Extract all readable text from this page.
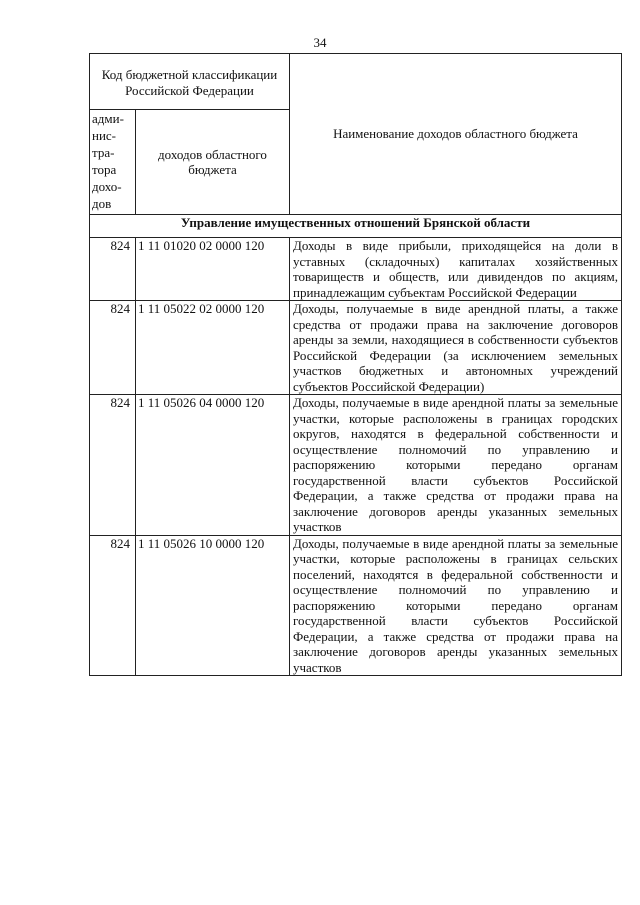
34
Код бюджетной классификации Российской Федерации		Наименование доходов областного бюджета
адми-ниc-тра-тора дохо-дов	доходов областного бюджета	
Управление имущественных отношений Брянской области		
824	1 11 01020 02 0000 120	Доходы в виде прибыли, приходящейся на доли в уставных (складочных) капиталах хозяйственных товариществ и обществ, или дивидендов по акциям, принадлежащим субъектам Российской Федерации
824	1 11 05022 02 0000 120	Доходы, получаемые в виде арендной платы, а также средства от продажи права на заключение договоров аренды за земли, находящиеся в собственности субъектов Российской Федерации (за исключением земельных участков бюджетных и автономных учреждений субъектов Российской Федерации)
824	1 11 05026 04 0000 120	Доходы, получаемые в виде арендной платы за земельные участки, которые расположены в границах городских округов, находятся в федеральной собственности и осуществление полномочий по управлению и распоряжению которыми передано органам государственной власти субъектов Российской Федерации, а также средства от продажи права на заключение договоров аренды указанных земельных участков
824	1 11 05026 10 0000 120	Доходы, получаемые в виде арендной платы за земельные участки, которые расположены в границах сельских поселений, находятся в федеральной собственности и осуществление полномочий по управлению и распоряжению которыми передано органам государственной власти субъектов Российской Федерации, а также средства от продажи права на заключение договоров аренды указанных земельных участков
